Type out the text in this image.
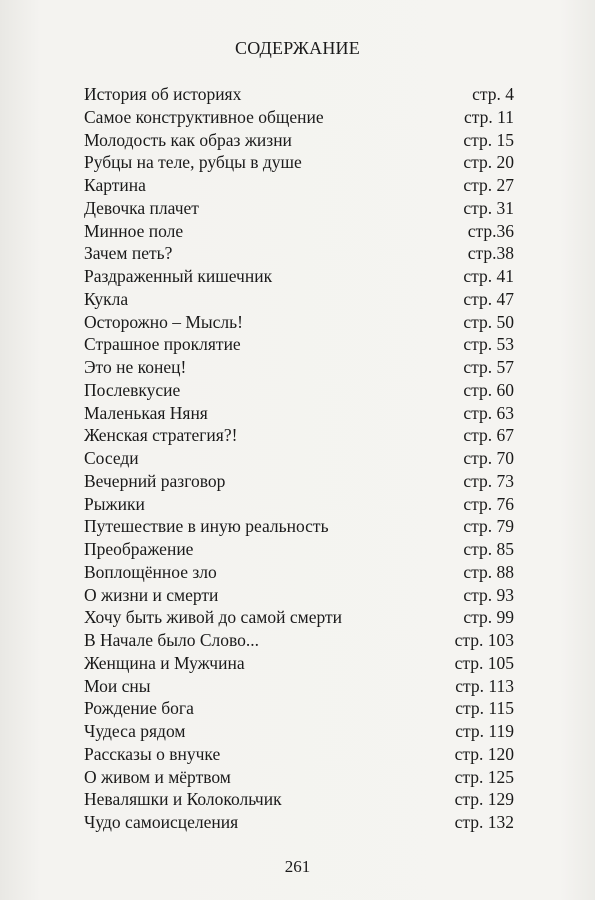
СОДЕРЖАНИЕ
История об историях	стр. 4
Самое конструктивное общение	стр. 11
Молодость как образ жизни	стр. 15
Рубцы на теле, рубцы в душе	стр. 20
Картина	стр. 27
Девочка плачет	стр. 31
Минное поле	стр.36
Зачем петь?	стр.38
Раздраженный кишечник	стр. 41
Кукла	стр. 47
Осторожно – Мысль!	стр. 50
Страшное проклятие	стр. 53
Это не конец!	стр. 57
Послевкусие	стр. 60
Маленькая Няня	стр. 63
Женская стратегия?!	стр. 67
Соседи	стр. 70
Вечерний разговор	стр. 73
Рыжики	стр. 76
Путешествие в иную реальность	стр. 79
Преображение	стр. 85
Воплощённое зло	стр. 88
О жизни и смерти	стр. 93
Хочу быть живой до самой смерти	стр. 99
В Начале было Слово...	стр. 103
Женщина и Мужчина	стр. 105
Мои сны	стр. 113
Рождение бога	стр. 115
Чудеса рядом	стр. 119
Рассказы о внучке	стр. 120
О живом и мёртвом	стр. 125
Неваляшки и Колокольчик	стр. 129
Чудо самоисцеления	стр. 132
261
